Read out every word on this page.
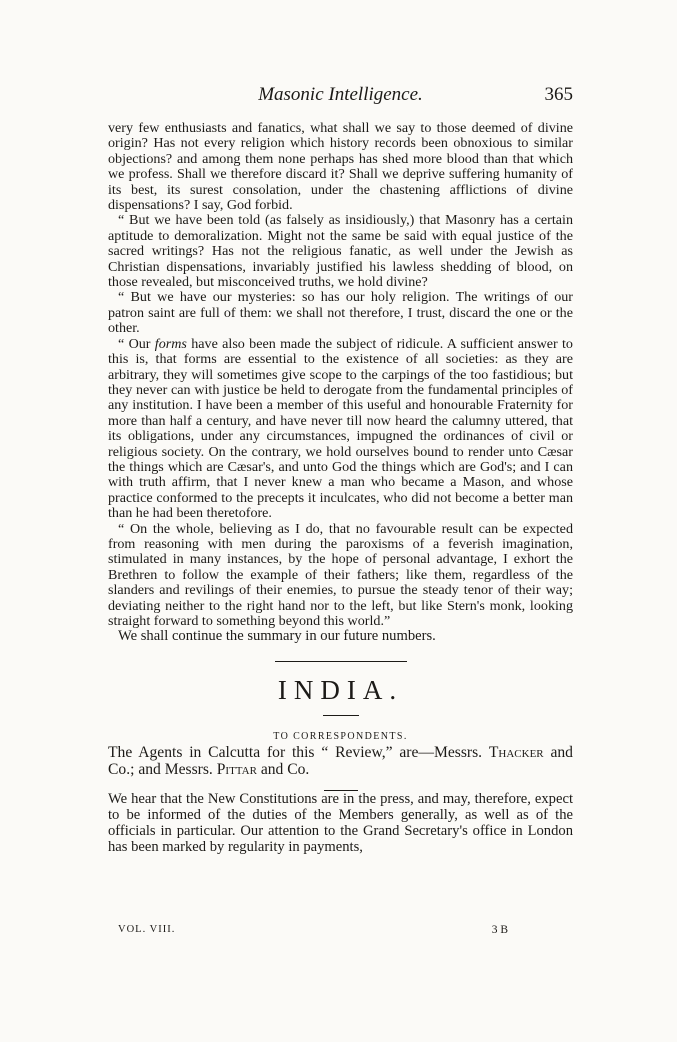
Masonic Intelligence.	365

very few enthusiasts and fanatics, what shall we say to those deemed of divine origin? Has not every religion which history records been obnoxious to similar objections? and among them none perhaps has shed more blood than that which we profess. Shall we therefore discard it? Shall we deprive suffering humanity of its best, its surest consolation, under the chastening afflictions of divine dispensations? I say, God forbid.

“ But we have been told (as falsely as insidiously,) that Masonry has a certain aptitude to demoralization. Might not the same be said with equal justice of the sacred writings? Has not the religious fanatic, as well under the Jewish as Christian dispensations, invariably justified his lawless shedding of blood, on those revealed, but misconceived truths, we hold divine?

“ But we have our mysteries: so has our holy religion. The writings of our patron saint are full of them: we shall not therefore, I trust, discard the one or the other.

“ Our forms have also been made the subject of ridicule. A sufficient answer to this is, that forms are essential to the existence of all societies: as they are arbitrary, they will sometimes give scope to the carpings of the too fastidious; but they never can with justice be held to derogate from the fundamental principles of any institution. I have been a member of this useful and honourable Fraternity for more than half a century, and have never till now heard the calumny uttered, that its obligations, under any circumstances, impugned the ordinances of civil or religious society. On the contrary, we hold ourselves bound to render unto Cæsar the things which are Cæsar's, and unto God the things which are God's; and I can with truth affirm, that I never knew a man who became a Mason, and whose practice conformed to the precepts it inculcates, who did not become a better man than he had been theretofore.

“ On the whole, believing as I do, that no favourable result can be expected from reasoning with men during the paroxisms of a feverish imagination, stimulated in many instances, by the hope of personal advantage, I exhort the Brethren to follow the example of their fathers; like them, regardless of the slanders and revilings of their enemies, to pursue the steady tenor of their way; deviating neither to the right hand nor to the left, but like Stern's monk, looking straight forward to something beyond this world.”

We shall continue the summary in our future numbers.

INDIA.
TO CORRESPONDENTS.

The Agents in Calcutta for this “ Review,” are—Messrs. Thacker and Co.; and Messrs. Pittar and Co.

We hear that the New Constitutions are in the press, and may, therefore, expect to be informed of the duties of the Members generally, as well as of the officials in particular. Our attention to the Grand Secretary's office in London has been marked by regularity in payments,

VOL. VIII.	3 B
